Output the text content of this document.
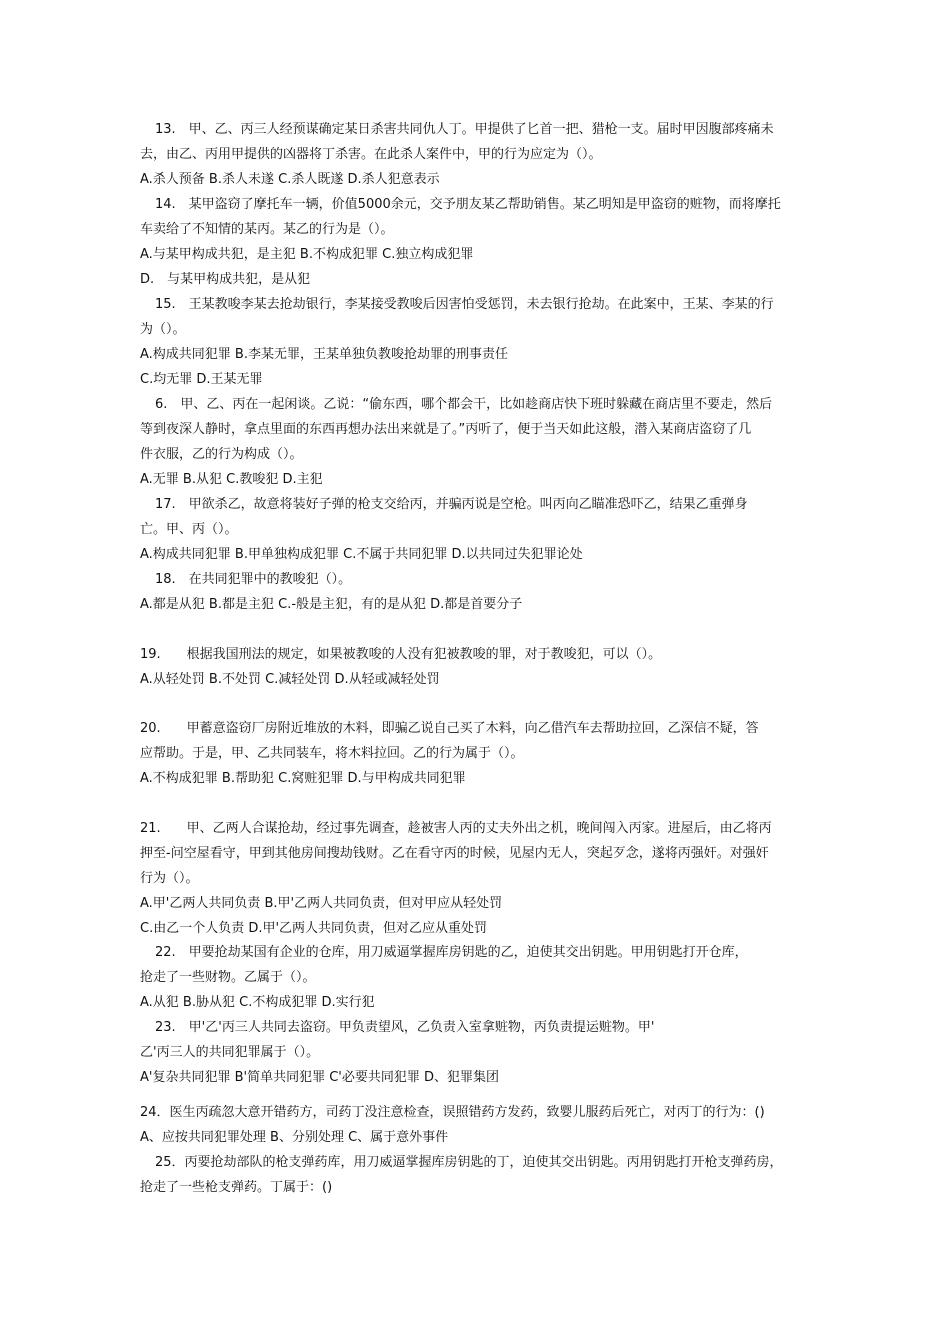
13.　甲、乙、丙三人经预谋确定某日杀害共同仇人丁。甲提供了匕首一把、猎枪一支。届时甲因腹部疼痛未
去，由乙、丙用甲提供的凶器将丁杀害。在此杀人案件中，甲的行为应定为（）。
A.杀人预备 B.杀人未遂 C.杀人既遂 D.杀人犯意表示
14.　某甲盗窃了摩托车一辆，价值5000余元，交予朋友某乙帮助销售。某乙明知是甲盗窃的赃物，而将摩托
车卖给了不知情的某丙。某乙的行为是（）。
A.与某甲构成共犯，是主犯 B.不构成犯罪 C.独立构成犯罪
D.　与某甲构成共犯，是从犯
15.　王某教唆李某去抢劫银行，李某接受教唆后因害怕受惩罚，未去银行抢劫。在此案中，王某、李某的行
为（）。
A.构成共同犯罪 B.李某无罪，王某单独负教唆抢劫罪的刑事责任
C.均无罪 D.王某无罪
6.　甲、乙、丙在一起闲谈。乙说：“偷东西，哪个都会干，比如趁商店快下班时躲藏在商店里不要走，然后
等到夜深人静时，拿点里面的东西再想办法出来就是了。”丙听了，便于当天如此这般，潜入某商店盗窃了几
件衣服，乙的行为构成（）。
A.无罪 B.从犯 C.教唆犯 D.主犯
17.　甲欲杀乙，故意将装好子弹的枪支交给丙，并骗丙说是空枪。叫丙向乙瞄准恐吓乙，结果乙重弹身
亡。甲、丙（）。
A.构成共同犯罪 B.甲单独构成犯罪 C.不属于共同犯罪 D.以共同过失犯罪论处
18.　在共同犯罪中的教唆犯（）。
A.都是从犯 B.都是主犯 C.-般是主犯，有的是从犯 D.都是首要分子
19.　　根据我国刑法的规定，如果被教唆的人没有犯被教唆的罪，对于教唆犯，可以（）。
A.从轻处罚 B.不处罚 C.减轻处罚 D.从轻或减轻处罚
20.　　甲蓄意盗窃厂房附近堆放的木料，即骗乙说自己买了木料，向乙借汽车去帮助拉回，乙深信不疑，答
应帮助。于是，甲、乙共同装车，将木料拉回。乙的行为属于（）。
A.不构成犯罪 B.帮助犯 C.窝赃犯罪 D.与甲构成共同犯罪
21.　　甲、乙两人合谋抢劫，经过事先调查，趁被害人丙的丈夫外出之机，晚间闯入丙家。进屋后，由乙将丙
押至-问空屋看守，甲到其他房间搜劫钱财。乙在看守丙的时候，见屋内无人，突起歹念，遂将丙强奸。对强奸
行为（）。
A.甲'乙两人共同负责 B.甲'乙两人共同负责，但对甲应从轻处罚
C.由乙一个人负责 D.甲'乙两人共同负责，但对乙应从重处罚
22.　甲要抢劫某国有企业的仓库，用刀威逼掌握库房钥匙的乙，迫使其交出钥匙。甲用钥匙打开仓库，
抢走了一些财物。乙属于（）。
A.从犯 B.胁从犯 C.不构成犯罪 D.实行犯
23.　甲'乙'丙三人共同去盗窃。甲负责望风，乙负责入室拿赃物，丙负责提运赃物。甲'
乙'丙三人的共同犯罪属于（）。
A'复杂共同犯罪 B'简单共同犯罪 C'必要共同犯罪 D、犯罪集团
24．医生丙疏忽大意开错药方，司药丁没注意检查，误照错药方发药，致婴儿服药后死亡，对丙丁的行为：()
A、应按共同犯罪处理 B、分别处理 C、属于意外事件
25．丙要抢劫部队的枪支弹药库，用刀威逼掌握库房钥匙的丁，迫使其交出钥匙。丙用钥匙打开枪支弹药房，
抢走了一些枪支弹药。丁属于：()
